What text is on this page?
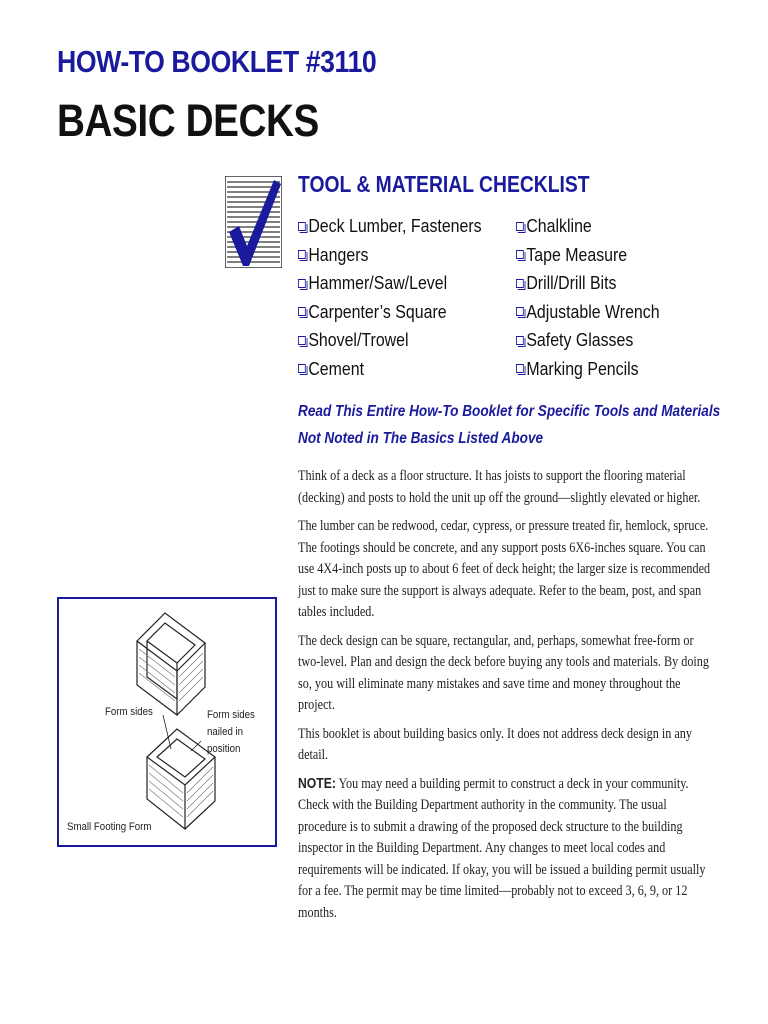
HOW-TO BOOKLET #3110
BASIC DECKS
TOOL & MATERIAL CHECKLIST
Deck Lumber, Fasteners
Hangers
Hammer/Saw/Level
Carpenter’s Square
Shovel/Trowel
Cement
Chalkline
Tape Measure
Drill/Drill Bits
Adjustable Wrench
Safety Glasses
Marking Pencils
Read This Entire How-To Booklet for Specific Tools and Materials Not Noted in The Basics Listed Above

Think of a deck as a floor structure. It has joists to support the flooring material (decking) and posts to hold the unit up off the ground—slightly elevated or higher.

The lumber can be redwood, cedar, cypress, or pressure treated fir, hemlock, spruce. The footings should be concrete, and any support posts 6X6-inches square. You can use 4X4-inch posts up to about 6 feet of deck height; the larger size is recommended just to make sure the support is always adequate. Refer to the beam, post, and span tables included.

The deck design can be square, rectangular, and, perhaps, somewhat free-form or two-level. Plan and design the deck before buying any tools and materials. By doing so, you will eliminate many mistakes and save time and money throughout the project.

This booklet is about building basics only. It does not address deck design in any detail.

NOTE: You may need a building permit to construct a deck in your community. Check with the Building Department authority in the community. The usual procedure is to submit a drawing of the proposed deck structure to the building inspector in the Building Department. Any changes to meet local codes and requirements will be indicated. If okay, you will be issued a building permit usually for a fee. The permit may be time limited—probably not to exceed 3, 6, 9, or 12 months.

Form sides	Form sides
nailed in
position
Small Footing Form
